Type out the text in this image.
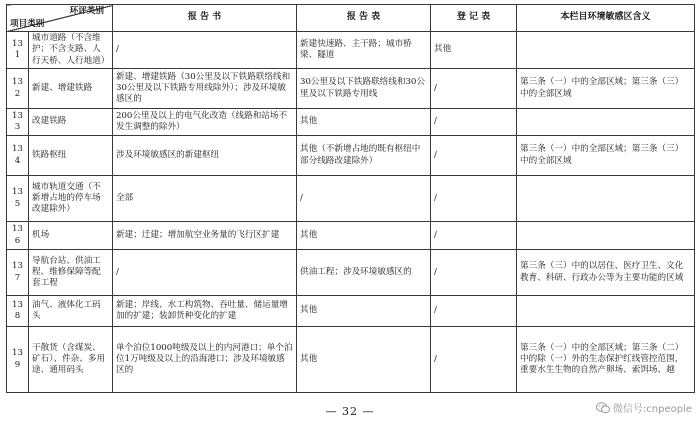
环评类别
项目类别		报 告 书	报 告 表	登 记 表	本栏目环境敏感区含义
131	城市道路（不含维护；不含支路、人行天桥、人行地道）	/	新建快速路、主干路；城市桥梁、隧道	其他	
132	新建、增建铁路	新建、增建铁路（30公里及以下铁路联络线和30公里及以下铁路专用线除外）；涉及环境敏感区的	30公里及以下铁路联络线和30公里及以下铁路专用线	/	第三条（一）中的全部区域；第三条（三）中的全部区域
133	改建铁路	200公里及以上的电气化改造（线路和站场不发生调整的除外）	其他	/	
134	铁路枢纽	涉及环境敏感区的新建枢纽	其他（不新增占地的既有枢纽中部分线路改建除外）	/	第三条（一）中的全部区域；第三条（三）中的全部区域
135	城市轨道交通（不新增占地的停车场改建除外）	全部	/	/	
136	机场	新建；迁建；增加航空业务量的飞行区扩建	其他	/	
137	导航台站、供油工程、维修保障等配套工程	/	供油工程；涉及环境敏感区的	/	第三条（三）中的以居住、医疗卫生、文化教育、科研、行政办公等为主要功能的区域
138	油气、液体化工码头	新建；岸线、水工构筑物、吞吐量、储运量增加的扩建；装卸货种变化的扩建	其他	/	
139	干散货（含煤炭、矿石）、件杂、多用途、通用码头	单个泊位1000吨级及以上的内河港口；单个泊位1万吨级及以上的沿海港口；涉及环境敏感区的	其他	/	第三条（一）中的全部区域；第三条（二）中的除（一）外的生态保护红线管控范围，重要水生生物的自然产卵场、索饵场、越
— 32 —	微信号:cnpeople
